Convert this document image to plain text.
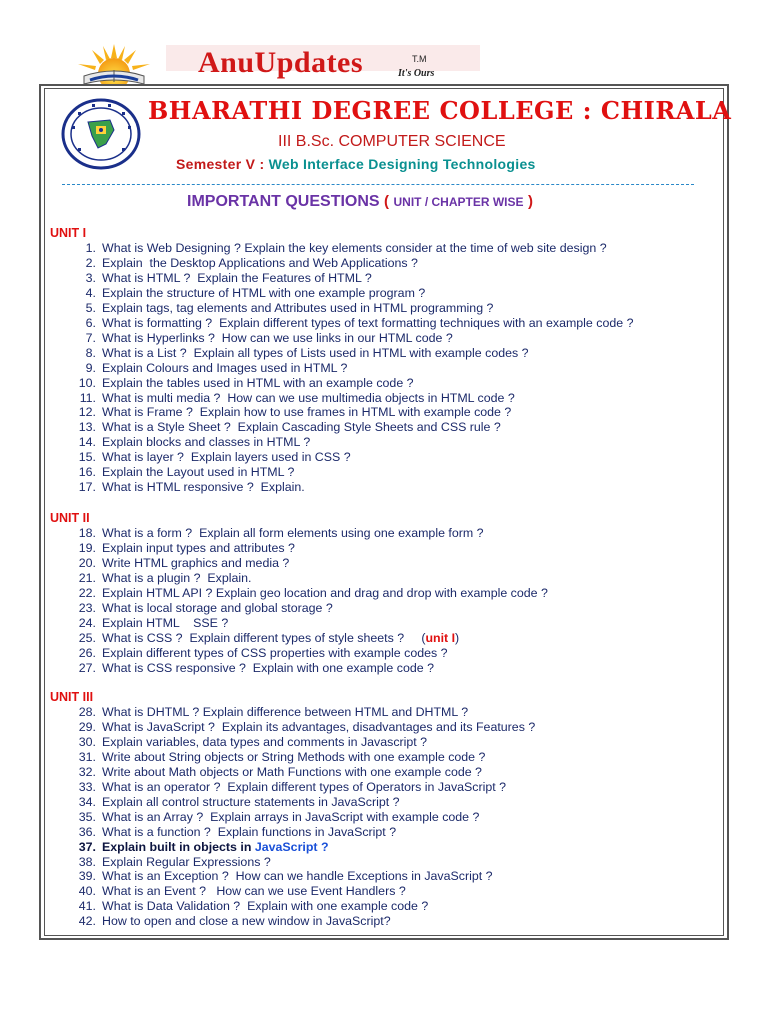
AnuUpdates	T.M
It's Ours
BHARATHI DEGREE COLLEGE : CHIRALA
III B.Sc. COMPUTER SCIENCE
Semester V : Web Interface Designing Technologies
IMPORTANT QUESTIONS ( UNIT / CHAPTER WISE )
UNIT I
1. What is Web Designing ? Explain the key elements consider at the time of web site design ?
2. Explain  the Desktop Applications and Web Applications ?
3. What is HTML ?  Explain the Features of HTML ?
4. Explain the structure of HTML with one example program ?
5. Explain tags, tag elements and Attributes used in HTML programming ?
6. What is formatting ?  Explain different types of text formatting techniques with an example code ?
7. What is Hyperlinks ?  How can we use links in our HTML code ?
8. What is a List ?  Explain all types of Lists used in HTML with example codes ?
9. Explain Colours and Images used in HTML ?
10. Explain the tables used in HTML with an example code ?
11. What is multi media ?  How can we use multimedia objects in HTML code ?
12. What is Frame ?  Explain how to use frames in HTML with example code ?
13. What is a Style Sheet ?  Explain Cascading Style Sheets and CSS rule ?
14. Explain blocks and classes in HTML ?
15. What is layer ?  Explain layers used in CSS ?
16. Explain the Layout used in HTML ?
17. What is HTML responsive ?  Explain.
UNIT II
18. What is a form ?  Explain all form elements using one example form ?
19. Explain input types and attributes ?
20. Write HTML graphics and media ?
21. What is a plugin ?  Explain.
22. Explain HTML API ? Explain geo location and drag and drop with example code ?
23. What is local storage and global storage ?
24. Explain HTML    SSE ?
25. What is CSS ?  Explain different types of style sheets ?     (unit I)
26. Explain different types of CSS properties with example codes ?
27. What is CSS responsive ?  Explain with one example code ?
UNIT III
28. What is DHTML ? Explain difference between HTML and DHTML ?
29. What is JavaScript ?  Explain its advantages, disadvantages and its Features ?
30. Explain variables, data types and comments in Javascript ?
31. Write about String objects or String Methods with one example code ?
32. Write about Math objects or Math Functions with one example code ?
33. What is an operator ?  Explain different types of Operators in JavaScript ?
34. Explain all control structure statements in JavaScript ?
35. What is an Array ?  Explain arrays in JavaScript with example code ?
36. What is a function ?  Explain functions in JavaScript ?
37. Explain built in objects in JavaScript ?
38. Explain Regular Expressions ?
39. What is an Exception ?  How can we handle Exceptions in JavaScript ?
40. What is an Event ?   How can we use Event Handlers ?
41. What is Data Validation ?  Explain with one example code ?
42. How to open and close a new window in JavaScript?
